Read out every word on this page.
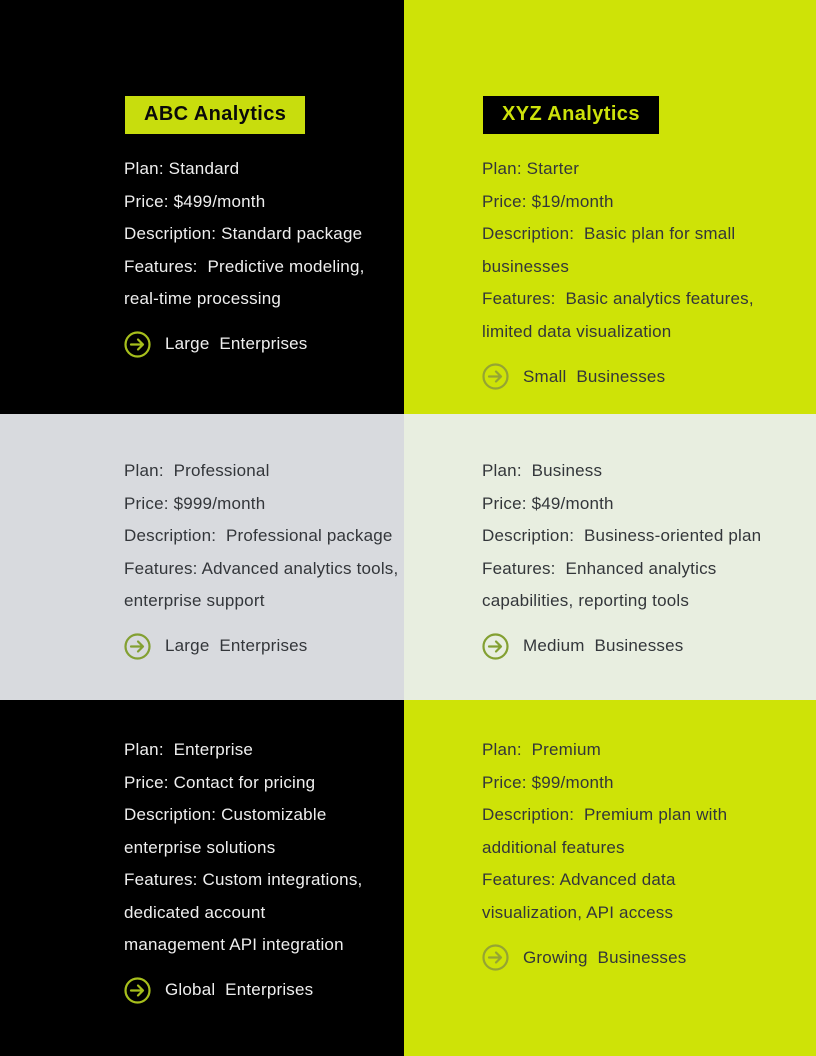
ABC Analytics

Plan: Standard

Price: $499/month

Description: Standard package

Features:  Predictive modeling,

real-time processing

Large  Enterprises
XYZ Analytics

Plan: Starter

Price: $19/month

Description:  Basic plan for small

businesses

Features:  Basic analytics features,

limited data visualization

Small  Businesses

Plan:  Professional

Price: $999/month

Description:  Professional package

Features: Advanced analytics tools,

enterprise support

Large  Enterprises

Plan:  Business

Price: $49/month

Description:  Business-oriented plan

Features:  Enhanced analytics

capabilities, reporting tools

Medium  Businesses

Plan:  Enterprise

Price: Contact for pricing

Description: Customizable

enterprise solutions

Features: Custom integrations,

dedicated account

management API integration

Global  Enterprises

Plan:  Premium

Price: $99/month

Description:  Premium plan with

additional features

Features: Advanced data

visualization, API access

Growing  Businesses
